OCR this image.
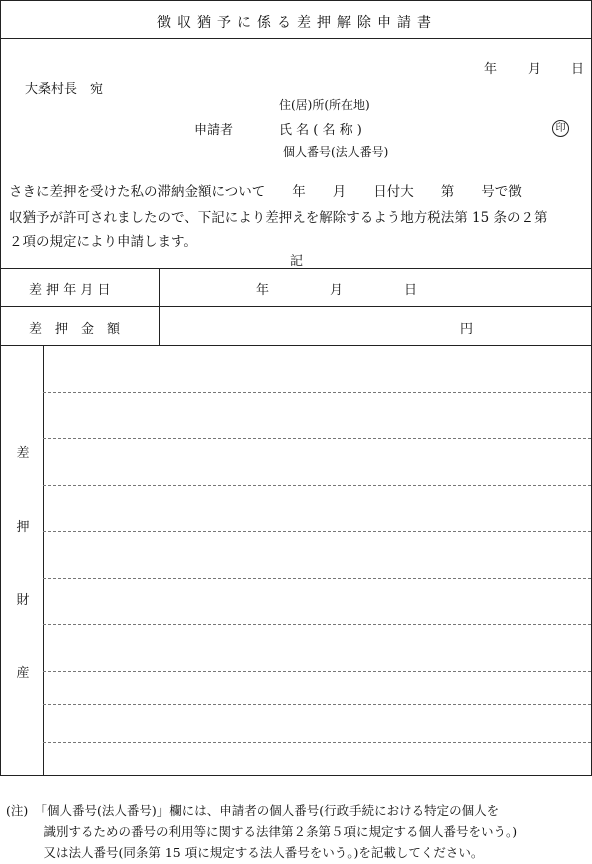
徴収猶予に係る差押解除申請書
年 月 日
大桑村長　宛
住(居)所(所在地)
申請者	氏 名 ( 名 称 )	印
個人番号(法人番号)
さきに差押を受けた私の滞納金額について　　年　　月　　日付大　　第　　号で徴
収猶予が許可されましたので、下記により差押えを解除するよう地方税法第 15 条の２第
２項の規定により申請します。
記
差 押 年 月 日	年	月	日
差　押　金　額	円
差
押
財
産
(注)　「個人番号(法人番号)」欄には、申請者の個人番号(行政手続における特定の個人を
　　　識別するための番号の利用等に関する法律第２条第５項に規定する個人番号をいう。)
　　　又は法人番号(同条第 15 項に規定する法人番号をいう。)を記載してください。
